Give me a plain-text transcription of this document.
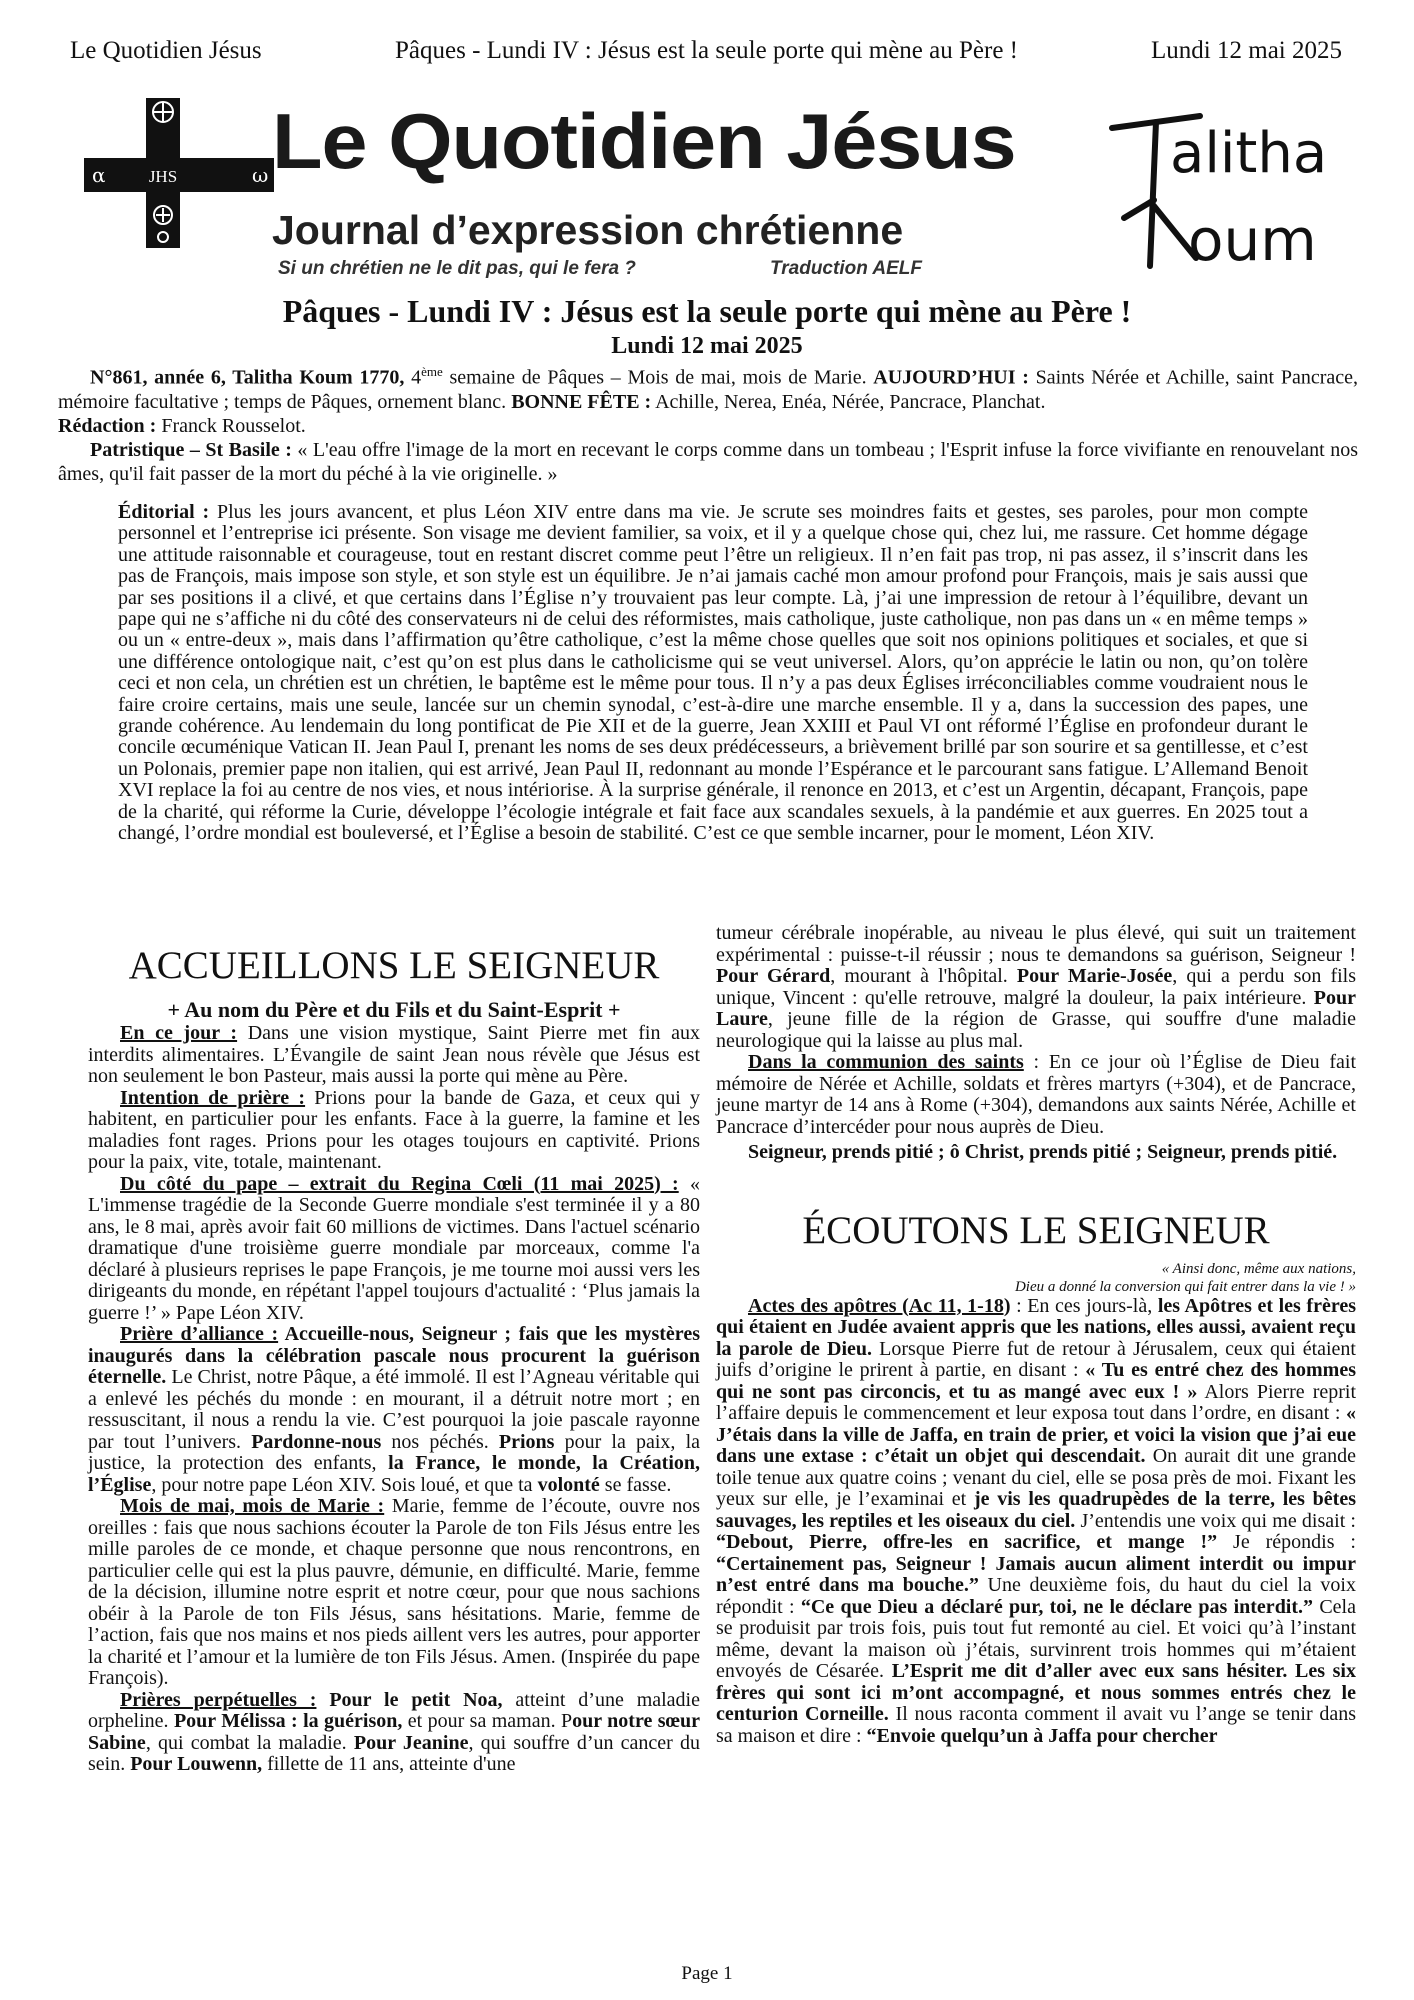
Le Quotidien Jésus	Pâques - Lundi IV : Jésus est la seule porte qui mène au Père !	Lundi 12 mai 2025
α	ω
JHS Le Quotidien Jésus
Journal d’expression chrétienne
Si un chrétien ne le dit pas, qui le fera ?	Traduction AELF
alitha
oum
Pâques - Lundi IV : Jésus est la seule porte qui mène au Père !
Lundi 12 mai 2025

N°861, année 6, Talitha Koum 1770, 4ème semaine de Pâques – Mois de mai, mois de Marie. AUJOURD’HUI : Saints Nérée et Achille, saint Pancrace, mémoire facultative ; temps de Pâques, ornement blanc. BONNE FÊTE : Achille, Nerea, Enéa, Nérée, Pancrace, Planchat.
Rédaction : Franck Rousselot.

Patristique – St Basile : « L'eau offre l'image de la mort en recevant le corps comme dans un tombeau ; l'Esprit infuse la force vivifiante en renouvelant nos âmes, qu'il fait passer de la mort du péché à la vie originelle. »

Éditorial : Plus les jours avancent, et plus Léon XIV entre dans ma vie. Je scrute ses moindres faits et gestes, ses paroles, pour mon compte personnel et l’entreprise ici présente. Son visage me devient familier, sa voix, et il y a quelque chose qui, chez lui, me rassure. Cet homme dégage une attitude raisonnable et courageuse, tout en restant discret comme peut l’être un religieux. Il n’en fait pas trop, ni pas assez, il s’inscrit dans les pas de François, mais impose son style, et son style est un équilibre. Je n’ai jamais caché mon amour profond pour François, mais je sais aussi que par ses positions il a clivé, et que certains dans l’Église n’y trouvaient pas leur compte. Là, j’ai une impression de retour à l’équilibre, devant un pape qui ne s’affiche ni du côté des conservateurs ni de celui des réformistes, mais catholique, juste catholique, non pas dans un « en même temps » ou un « entre-deux », mais dans l’affirmation qu’être catholique, c’est la même chose quelles que soit nos opinions politiques et sociales, et que si une différence ontologique nait, c’est qu’on est plus dans le catholicisme qui se veut universel. Alors, qu’on apprécie le latin ou non, qu’on tolère ceci et non cela, un chrétien est un chrétien, le baptême est le même pour tous. Il n’y a pas deux Églises irréconciliables comme voudraient nous le faire croire certains, mais une seule, lancée sur un chemin synodal, c’est-à-dire une marche ensemble. Il y a, dans la succession des papes, une grande cohérence. Au lendemain du long pontificat de Pie XII et de la guerre, Jean XXIII et Paul VI ont réformé l’Église en profondeur durant le concile œcuménique Vatican II. Jean Paul I, prenant les noms de ses deux prédécesseurs, a brièvement brillé par son sourire et sa gentillesse, et c’est un Polonais, premier pape non italien, qui est arrivé, Jean Paul II, redonnant au monde l’Espérance et le parcourant sans fatigue. L’Allemand Benoit XVI replace la foi au centre de nos vies, et nous intériorise. À la surprise générale, il renonce en 2013, et c’est un Argentin, décapant, François, pape de la charité, qui réforme la Curie, développe l’écologie intégrale et fait face aux scandales sexuels, à la pandémie et aux guerres. En 2025 tout a changé, l’ordre mondial est bouleversé, et l’Église a besoin de stabilité. C’est ce que semble incarner, pour le moment, Léon XIV.
ACCUEILLONS LE SEIGNEUR
+ Au nom du Père et du Fils et du Saint-Esprit +

En ce jour : Dans une vision mystique, Saint Pierre met fin aux interdits alimentaires. L’Évangile de saint Jean nous révèle que Jésus est non seulement le bon Pasteur, mais aussi la porte qui mène au Père.

Intention de prière : Prions pour la bande de Gaza, et ceux qui y habitent, en particulier pour les enfants. Face à la guerre, la famine et les maladies font rages. Prions pour les otages toujours en captivité. Prions pour la paix, vite, totale, maintenant.

Du côté du pape – extrait du Regina Cœli (11 mai 2025) : « L'immense tragédie de la Seconde Guerre mondiale s'est terminée il y a 80 ans, le 8 mai, après avoir fait 60 millions de victimes. Dans l'actuel scénario dramatique d'une troisième guerre mondiale par morceaux, comme l'a déclaré à plusieurs reprises le pape François, je me tourne moi aussi vers les dirigeants du monde, en répétant l'appel toujours d'actualité : ‘Plus jamais la guerre !’ » Pape Léon XIV.

Prière d’alliance : Accueille-nous, Seigneur ; fais que les mystères inaugurés dans la célébration pascale nous procurent la guérison éternelle. Le Christ, notre Pâque, a été immolé. Il est l’Agneau véritable qui a enlevé les péchés du monde : en mourant, il a détruit notre mort ; en ressuscitant, il nous a rendu la vie. C’est pourquoi la joie pascale rayonne par tout l’univers. Pardonne-nous nos péchés. Prions pour la paix, la justice, la protection des enfants, la France, le monde, la Création, l’Église, pour notre pape Léon XIV. Sois loué, et que ta volonté se fasse.

Mois de mai, mois de Marie : Marie, femme de l’écoute, ouvre nos oreilles : fais que nous sachions écouter la Parole de ton Fils Jésus entre les mille paroles de ce monde, et chaque personne que nous rencontrons, en particulier celle qui est la plus pauvre, démunie, en difficulté. Marie, femme de la décision, illumine notre esprit et notre cœur, pour que nous sachions obéir à la Parole de ton Fils Jésus, sans hésitations. Marie, femme de l’action, fais que nos mains et nos pieds aillent vers les autres, pour apporter la charité et l’amour et la lumière de ton Fils Jésus. Amen. (Inspirée du pape François).

Prières perpétuelles : Pour le petit Noa, atteint d’une maladie orpheline. Pour Mélissa : la guérison, et pour sa maman. Pour notre sœur Sabine, qui combat la maladie. Pour Jeanine, qui souffre d’un cancer du sein. Pour Louwenn, fillette de 11 ans, atteinte d'une

tumeur cérébrale inopérable, au niveau le plus élevé, qui suit un traitement expérimental : puisse-t-il réussir ; nous te demandons sa guérison, Seigneur ! Pour Gérard, mourant à l'hôpital. Pour Marie-Josée, qui a perdu son fils unique, Vincent : qu'elle retrouve, malgré la douleur, la paix intérieure. Pour Laure, jeune fille de la région de Grasse, qui souffre d'une maladie neurologique qui la laisse au plus mal.

Dans la communion des saints : En ce jour où l’Église de Dieu fait mémoire de Nérée et Achille, soldats et frères martyrs (+304), et de Pancrace, jeune martyr de 14 ans à Rome (+304), demandons aux saints Nérée, Achille et Pancrace d’intercéder pour nous auprès de Dieu.

Seigneur, prends pitié ; ô Christ, prends pitié ; Seigneur, prends pitié.

ÉCOUTONS LE SEIGNEUR
« Ainsi donc, même aux nations,
Dieu a donné la conversion qui fait entrer dans la vie ! »

Actes des apôtres (Ac 11, 1-18) : En ces jours-là, les Apôtres et les frères qui étaient en Judée avaient appris que les nations, elles aussi, avaient reçu la parole de Dieu. Lorsque Pierre fut de retour à Jérusalem, ceux qui étaient juifs d’origine le prirent à partie, en disant : « Tu es entré chez des hommes qui ne sont pas circoncis, et tu as mangé avec eux ! » Alors Pierre reprit l’affaire depuis le commencement et leur exposa tout dans l’ordre, en disant : « J’étais dans la ville de Jaffa, en train de prier, et voici la vision que j’ai eue dans une extase : c’était un objet qui descendait. On aurait dit une grande toile tenue aux quatre coins ; venant du ciel, elle se posa près de moi. Fixant les yeux sur elle, je l’examinai et je vis les quadrupèdes de la terre, les bêtes sauvages, les reptiles et les oiseaux du ciel. J’entendis une voix qui me disait : “Debout, Pierre, offre-les en sacrifice, et mange !” Je répondis : “Certainement pas, Seigneur ! Jamais aucun aliment interdit ou impur n’est entré dans ma bouche.” Une deuxième fois, du haut du ciel la voix répondit : “Ce que Dieu a déclaré pur, toi, ne le déclare pas interdit.” Cela se produisit par trois fois, puis tout fut remonté au ciel. Et voici qu’à l’instant même, devant la maison où j’étais, survinrent trois hommes qui m’étaient envoyés de Césarée. L’Esprit me dit d’aller avec eux sans hésiter. Les six frères qui sont ici m’ont accompagné, et nous sommes entrés chez le centurion Corneille. Il nous raconta comment il avait vu l’ange se tenir dans sa maison et dire : “Envoie quelqu’un à Jaffa pour chercher

Page 1
